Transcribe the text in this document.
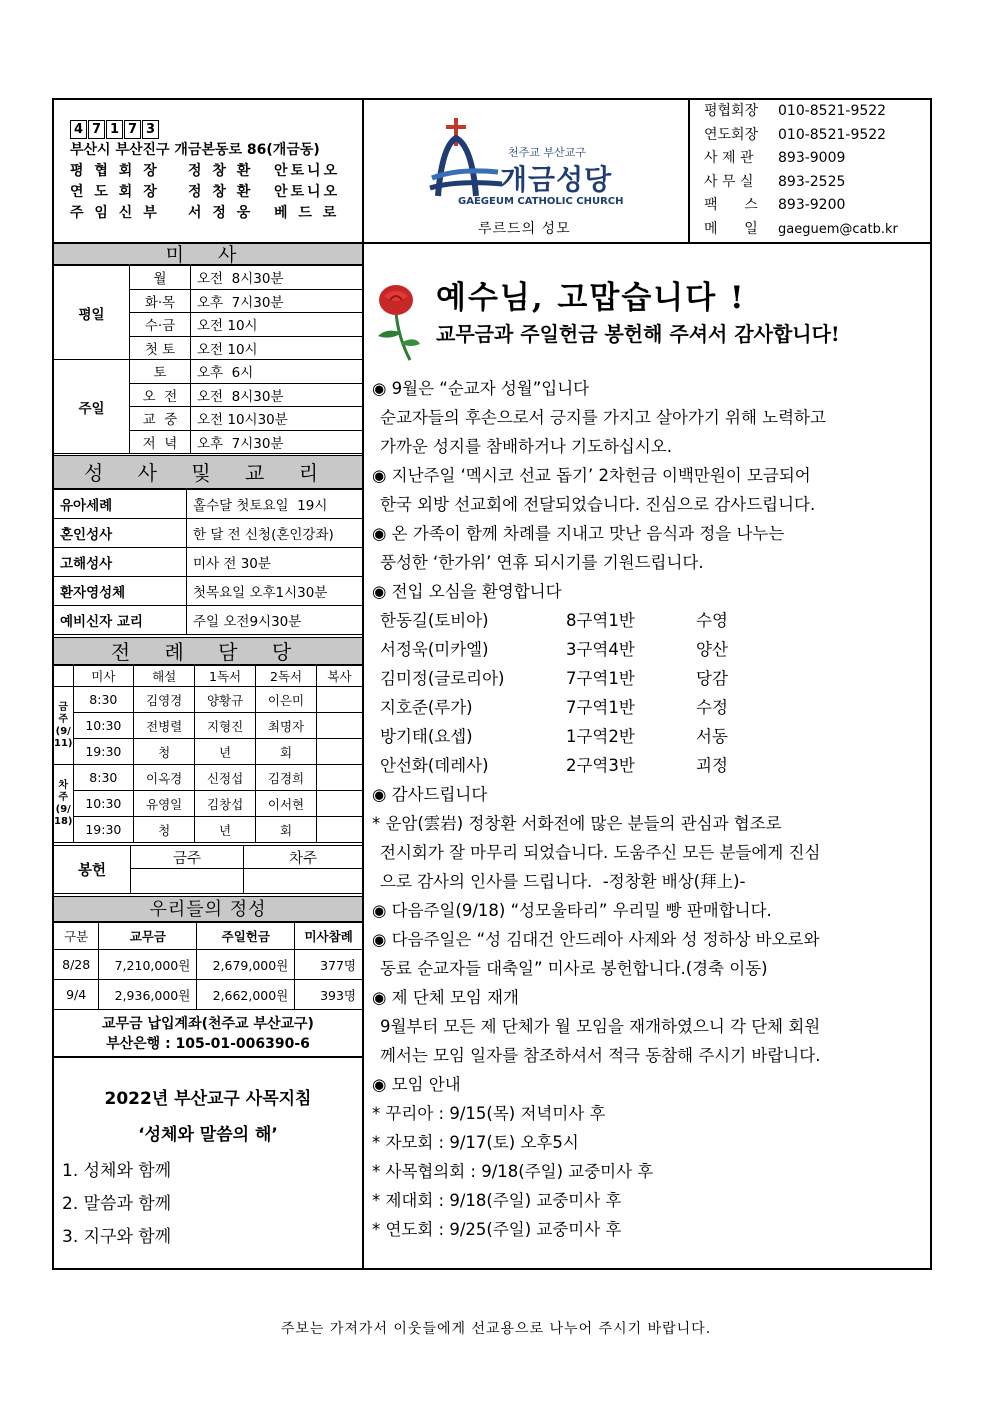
4 7 1 7 3
부산시 부산진구 개금본동로 86(개금동)
평 협 회 장	정 창 환	안토니오
연 도 회 장	정 창 환	안토니오
주 임 신 부	서 정 웅	베 드 로
천주교 부산교구
개금성당
GAEGEUM CATHOLIC CHURCH
루르드의 성모
평협회장	010-8521-9522
연도회장	010-8521-9522
사 제 관	893-9009
사 무 실	893-2525
팩      스	893-9200
메      일	gaeguem@catb.kr
미 사
평일	월	오전  8시30분
	화·목	오후  7시30분
	수·금	오전 10시
	첫 토	오전 10시
주일	토	오후  6시
	오  전	오전  8시30분
	교  중	오전 10시30분
	저  녁	오후  7시30분
성 사 및 교 리
유아세례	홀수달 첫토요일  19시
혼인성사	한 달 전 신청(혼인강좌)
고해성사	미사 전 30분
환자영성체	첫목요일 오후1시30분
예비신자 교리	주일 오전9시30분
전 례 담 당
	미사	해설	1독서	2독서	복사
금
주
(9/
11)	8:30	김영경	양황규	이은미	
	10:30	전병렬	지형진	최명자	
	19:30	청	년	회	
차
주
(9/
18)	8:30	이옥경	신정섭	김경희	
	10:30	유영일	김창섭	이서현	
	19:30	청	년	회	
봉헌	금주	차주

우리들의 정성
구분	교무금	주일헌금	미사참례
8/28	7,210,000원	2,679,000원	377명
9/4	2,936,000원	2,662,000원	393명
교무금 납입계좌(천주교 부산교구)
부산은행 : 105-01-006390-6
2022년 부산교구 사목지침
‘성체와 말씀의 해’
1. 성체와 함께
2. 말씀과 함께
3. 지구와 함께
예수님, 고맙습니다 !
교무금과 주일헌금 봉헌해 주셔서 감사합니다!
◉ 9월은 “순교자 성월”입니다
순교자들의 후손으로서 긍지를 가지고 살아가기 위해 노력하고
가까운 성지를 참배하거나 기도하십시오.
◉ 지난주일 ‘멕시코 선교 돕기’ 2차헌금 이백만원이 모금되어
한국 외방 선교회에 전달되었습니다. 진심으로 감사드립니다.
◉ 온 가족이 함께 차례를 지내고 맛난 음식과 정을 나누는
풍성한 ‘한가위’ 연휴 되시기를 기원드립니다.
◉ 전입 오심을 환영합니다
한동길(토비아)	8구역1반	수영
서정욱(미카엘)	3구역4반	양산
김미정(글로리아)	7구역1반	당감
지호준(루가)	7구역1반	수정
방기태(요셉)	1구역2반	서동
안선화(데레사)	2구역3반	괴정
◉ 감사드립니다
* 운암(雲岩) 정창환 서화전에 많은 분들의 관심과 협조로
전시회가 잘 마무리 되었습니다. 도움주신 모든 분들에게 진심
으로 감사의 인사를 드립니다.  -정창환 배상(拜上)-
◉ 다음주일(9/18) “성모울타리” 우리밀 빵 판매합니다.
◉ 다음주일은 “성 김대건 안드레아 사제와 성 정하상 바오로와
동료 순교자들 대축일” 미사로 봉헌합니다.(경축 이동)
◉ 제 단체 모임 재개
9월부터 모든 제 단체가 월 모임을 재개하였으니 각 단체 회원
께서는 모임 일자를 참조하셔서 적극 동참해 주시기 바랍니다.
◉ 모임 안내
* 꾸리아 : 9/15(목) 저녁미사 후
* 자모회 : 9/17(토) 오후5시
* 사목협의회 : 9/18(주일) 교중미사 후
* 제대회 : 9/18(주일) 교중미사 후
* 연도회 : 9/25(주일) 교중미사 후
주보는 가져가서 이웃들에게 선교용으로 나누어 주시기 바랍니다.
